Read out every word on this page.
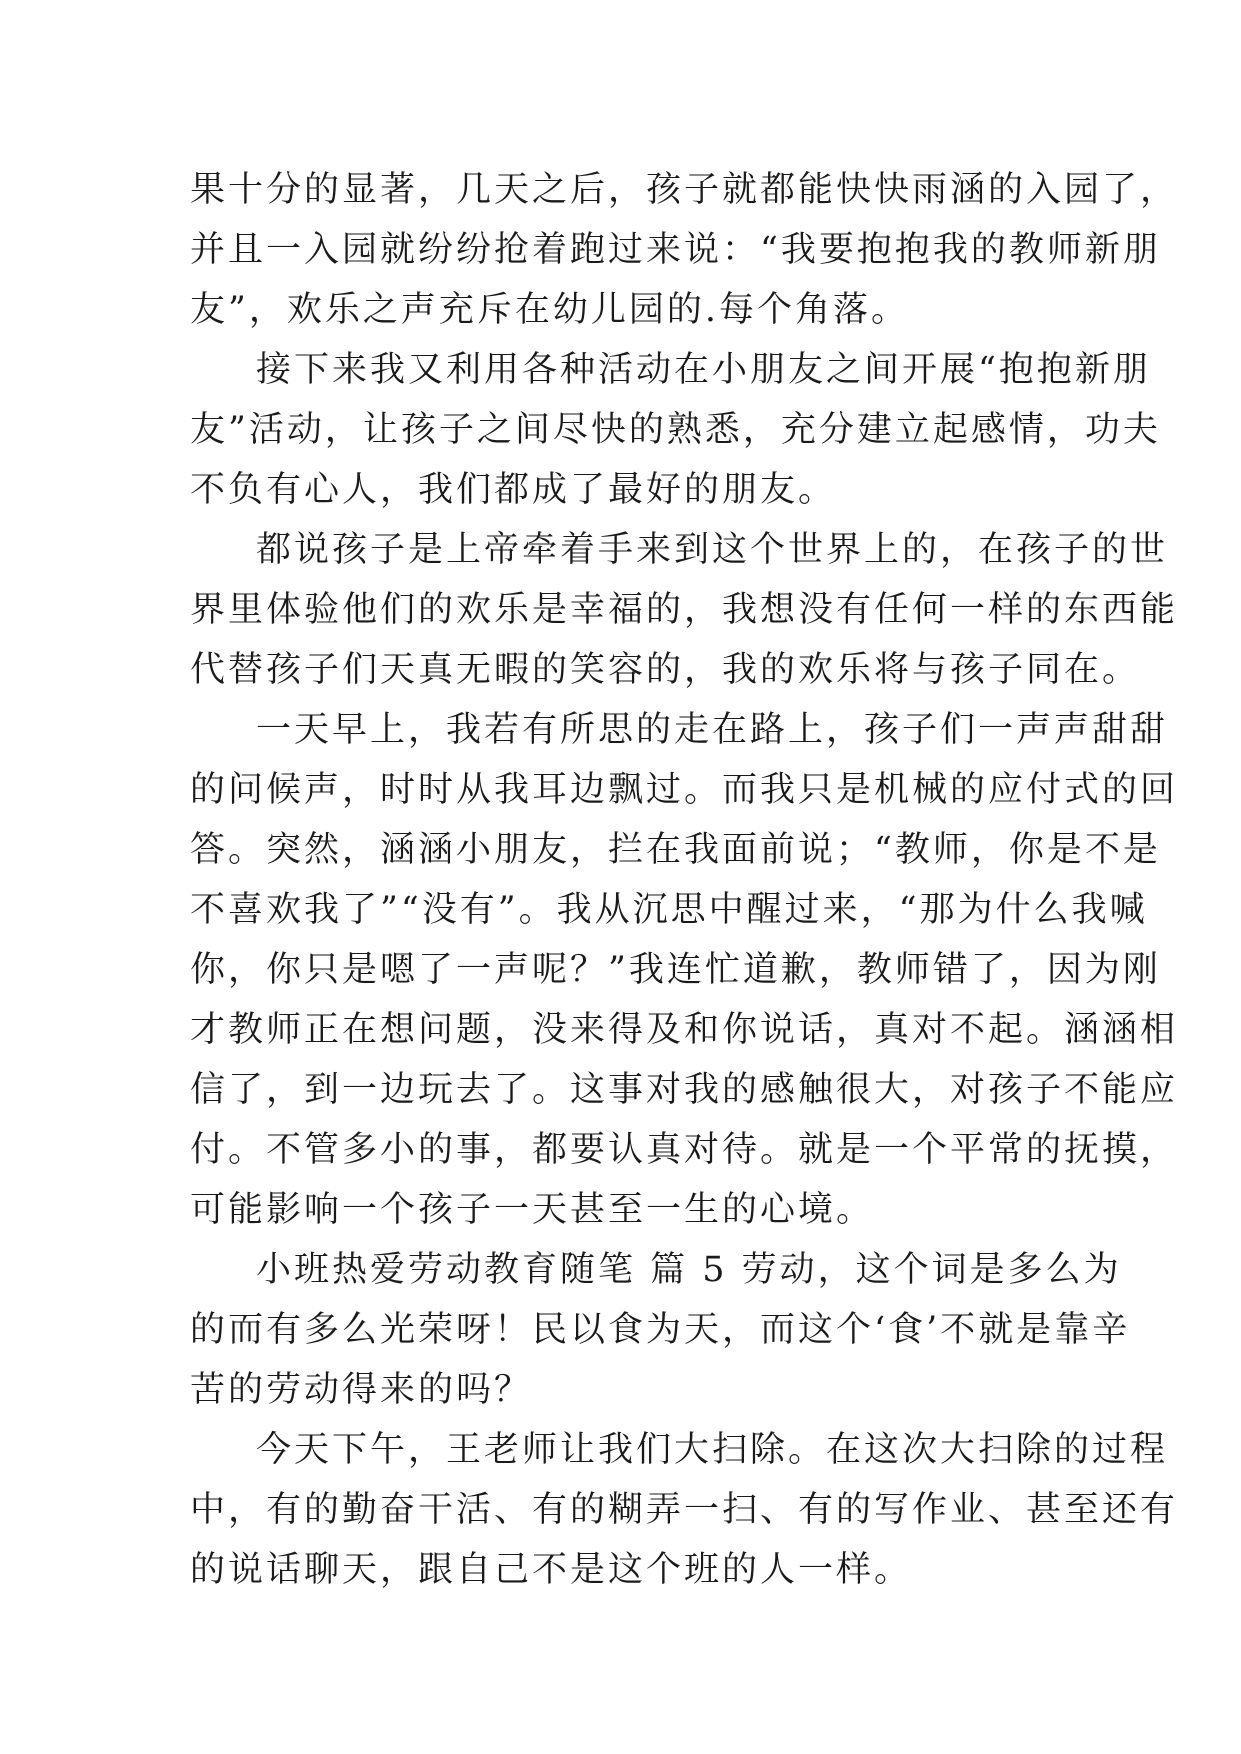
果十分的显著，几天之后，孩子就都能快快雨涵的入园了，
并且一入园就纷纷抢着跑过来说：“我要抱抱我的教师新朋
友”，欢乐之声充斥在幼儿园的.每个角落。
接下来我又利用各种活动在小朋友之间开展“抱抱新朋
友”活动，让孩子之间尽快的熟悉，充分建立起感情，功夫
不负有心人，我们都成了最好的朋友。
都说孩子是上帝牵着手来到这个世界上的，在孩子的世
界里体验他们的欢乐是幸福的，我想没有任何一样的东西能
代替孩子们天真无暇的笑容的，我的欢乐将与孩子同在。
一天早上，我若有所思的走在路上，孩子们一声声甜甜
的问候声，时时从我耳边飘过。而我只是机械的应付式的回
答。突然，涵涵小朋友，拦在我面前说；“教师，你是不是
不喜欢我了”“没有”。我从沉思中醒过来，“那为什么我喊
你，你只是嗯了一声呢？”我连忙道歉，教师错了，因为刚
才教师正在想问题，没来得及和你说话，真对不起。涵涵相
信了，到一边玩去了。这事对我的感触很大，对孩子不能应
付。不管多小的事，都要认真对待。就是一个平常的抚摸，
可能影响一个孩子一天甚至一生的心境。
小班热爱劳动教育随笔 篇 5 劳动，这个词是多么为
的而有多么光荣呀！民以食为天，而这个‘食’不就是靠辛
苦的劳动得来的吗？
今天下午，王老师让我们大扫除。在这次大扫除的过程
中，有的勤奋干活、有的糊弄一扫、有的写作业、甚至还有
的说话聊天，跟自己不是这个班的人一样。
